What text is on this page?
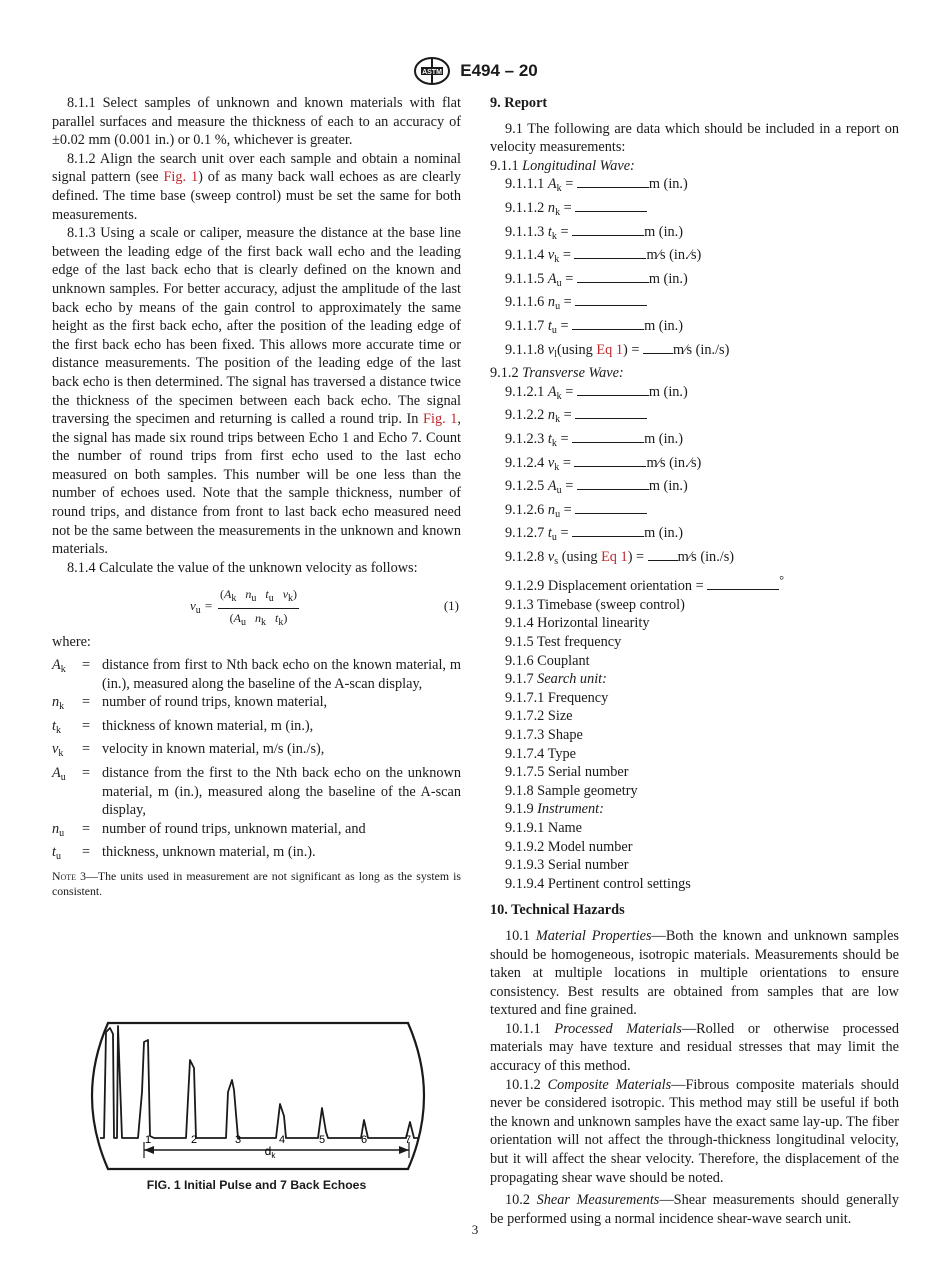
ASTM E494 – 20

8.1.1 Select samples of unknown and known materials with flat parallel surfaces and measure the thickness of each to an accuracy of ±0.02 mm (0.001 in.) or 0.1 %, whichever is greater.

8.1.2 Align the search unit over each sample and obtain a nominal signal pattern (see Fig. 1) of as many back wall echoes as are clearly defined. The time base (sweep control) must be set the same for both measurements.

8.1.3 Using a scale or caliper, measure the distance at the base line between the leading edge of the first back wall echo and the leading edge of the last back echo that is clearly defined on the known and unknown samples. For better accuracy, adjust the amplitude of the last back echo by means of the gain control to approximately the same height as the first back echo, after the position of the leading edge of the first back echo has been fixed. This allows more accurate time or distance measurements. The position of the leading edge of the last back echo is then determined. The signal has traversed a distance twice the thickness of the specimen between each back echo. The signal traversing the specimen and returning is called a round trip. In Fig. 1, the signal has made six round trips between Echo 1 and Echo 7. Count the number of round trips from first echo used to the last echo measured on both samples. This number will be one less than the number of echoes used. Note that the sample thickness, number of round trips, and distance from front to last back echo measured need not be the same between the measurements in the unknown and known materials.

8.1.4 Calculate the value of the unknown velocity as follows:

$v_u = \frac{(A_k n_u t_u v_k)}{(A_u n_k t_k)}$	(1)

where:

$A_k$	= distance from first to Nth back echo on the known material, m (in.), measured along the baseline of the A-scan display,
$n_k$	= number of round trips, known material,
$t_k$	= thickness of known material, m (in.),
$v_k$	= velocity in known material, m/s (in./s),
$A_u$	= distance from the first to the Nth back echo on the unknown material, m (in.), measured along the baseline of the A-scan display,
$n_u$	= number of round trips, unknown material, and
$t_u$	= thickness, unknown material, m (in.).

Note 3—The units used in measurement are not significant as long as the system is consistent.

1	2	3	4	5	6	7
$d_k$
FIG. 1 Initial Pulse and 7 Back Echoes
9. Report

9.1 The following are data which should be included in a report on velocity measurements:

9.1.1 Longitudinal Wave:
9.1.1.1 $A_k$ =	m (in.)
9.1.1.2 $n_k$ =
9.1.1.3 $t_k$ =	m (in.)
9.1.1.4 $v_k$ =	m⁄s (in.⁄s)
9.1.1.5 $A_u$ =	m (in.)
9.1.1.6 $n_u$ =
9.1.1.7 $t_u$ =	m (in.)
9.1.1.8 $v_l(using$ Eq 1) = m⁄s (in./s)
9.1.2 Transverse Wave:
9.1.2.1 $A_k$ =	m (in.)
9.1.2.2 $n_k$ =
9.1.2.3 $t_k$ =	m (in.)
9.1.2.4 $v_k$ =	m⁄s (in.⁄s)
9.1.2.5 $A_u$ =	m (in.)
9.1.2.6 $n_u$ =
9.1.2.7 $t_u$ =	m (in.)
9.1.2.8 $v_s$ (using Eq 1) = m⁄s (in./s)
9.1.2.9 Displacement orientation =	°
9.1.3 Timebase (sweep control)
9.1.4 Horizontal linearity
9.1.5 Test frequency
9.1.6 Couplant
9.1.7 Search unit:
9.1.7.1 Frequency
9.1.7.2 Size
9.1.7.3 Shape
9.1.7.4 Type
9.1.7.5 Serial number
9.1.8 Sample geometry
9.1.9 Instrument:
9.1.9.1 Name
9.1.9.2 Model number
9.1.9.3 Serial number
9.1.9.4 Pertinent control settings
10. Technical Hazards

10.1 Material Properties—Both the known and unknown samples should be homogeneous, isotropic materials. Measurements should be taken at multiple locations in multiple orientations to ensure consistency. Best results are obtained from samples that are low textured and fine grained.

10.1.1 Processed Materials—Rolled or otherwise processed materials may have texture and residual stresses that may limit the accuracy of this method.

10.1.2 Composite Materials—Fibrous composite materials should never be considered isotropic. This method may still be useful if both the known and unknown samples have the exact same lay-up. The fiber orientation will not affect the through-thickness longitudinal velocity, but it will affect the shear velocity. Therefore, the displacement of the propagating shear wave should be noted.

10.2 Shear Measurements—Shear measurements should generally be performed using a normal incidence shear-wave search unit.

3
